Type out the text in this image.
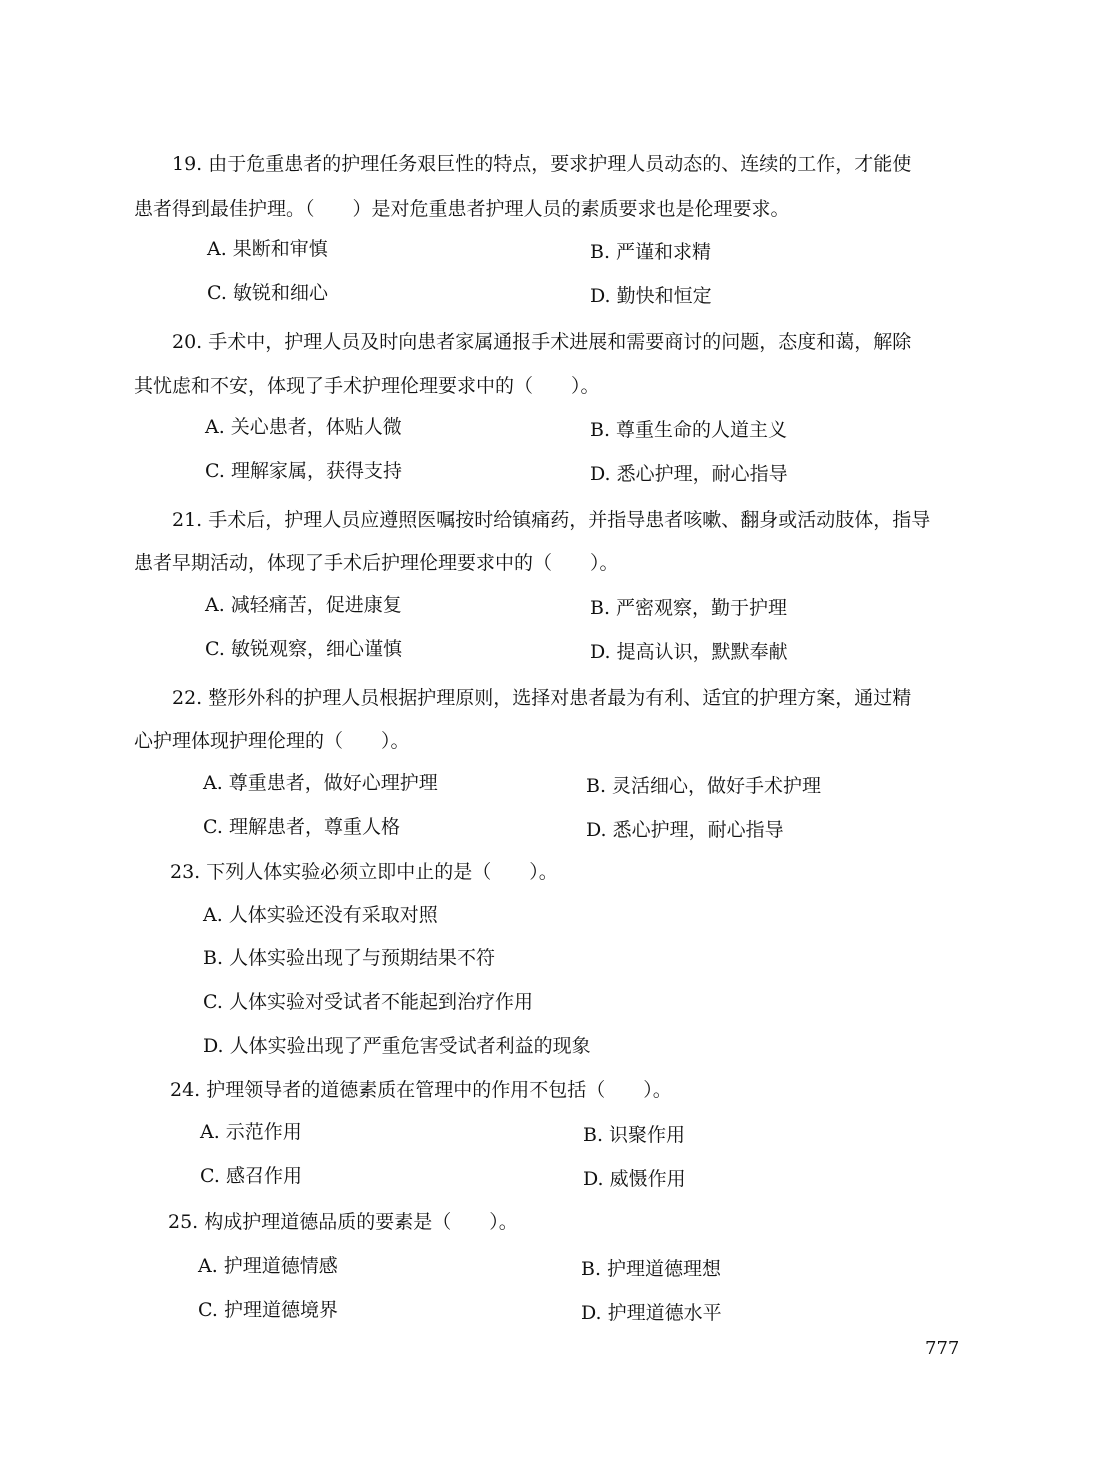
19. 由于危重患者的护理任务艰巨性的特点，要求护理人员动态的、连续的工作，才能使
患者得到最佳护理。（　　）是对危重患者护理人员的素质要求也是伦理要求。
A. 果断和审慎	B. 严谨和求精
C. 敏锐和细心	D. 勤快和恒定
20. 手术中，护理人员及时向患者家属通报手术进展和需要商讨的问题，态度和蔼，解除
其忧虑和不安，体现了手术护理伦理要求中的（　　）。
A. 关心患者，体贴人微	B. 尊重生命的人道主义
C. 理解家属，获得支持	D. 悉心护理，耐心指导
21. 手术后，护理人员应遵照医嘱按时给镇痛药，并指导患者咳嗽、翻身或活动肢体，指导
患者早期活动，体现了手术后护理伦理要求中的（　　）。
A. 减轻痛苦，促进康复	B. 严密观察，勤于护理
C. 敏锐观察，细心谨慎	D. 提高认识，默默奉献
22. 整形外科的护理人员根据护理原则，选择对患者最为有利、适宜的护理方案，通过精
心护理体现护理伦理的（　　）。
A. 尊重患者，做好心理护理	B. 灵活细心，做好手术护理
C. 理解患者，尊重人格	D. 悉心护理，耐心指导
23. 下列人体实验必须立即中止的是（　　）。
A. 人体实验还没有采取对照
B. 人体实验出现了与预期结果不符
C. 人体实验对受试者不能起到治疗作用
D. 人体实验出现了严重危害受试者利益的现象
24. 护理领导者的道德素质在管理中的作用不包括（　　）。
A. 示范作用	B. 识聚作用
C. 感召作用	D. 威慑作用
25. 构成护理道德品质的要素是（　　）。
A. 护理道德情感	B. 护理道德理想
C. 护理道德境界	D. 护理道德水平
777
